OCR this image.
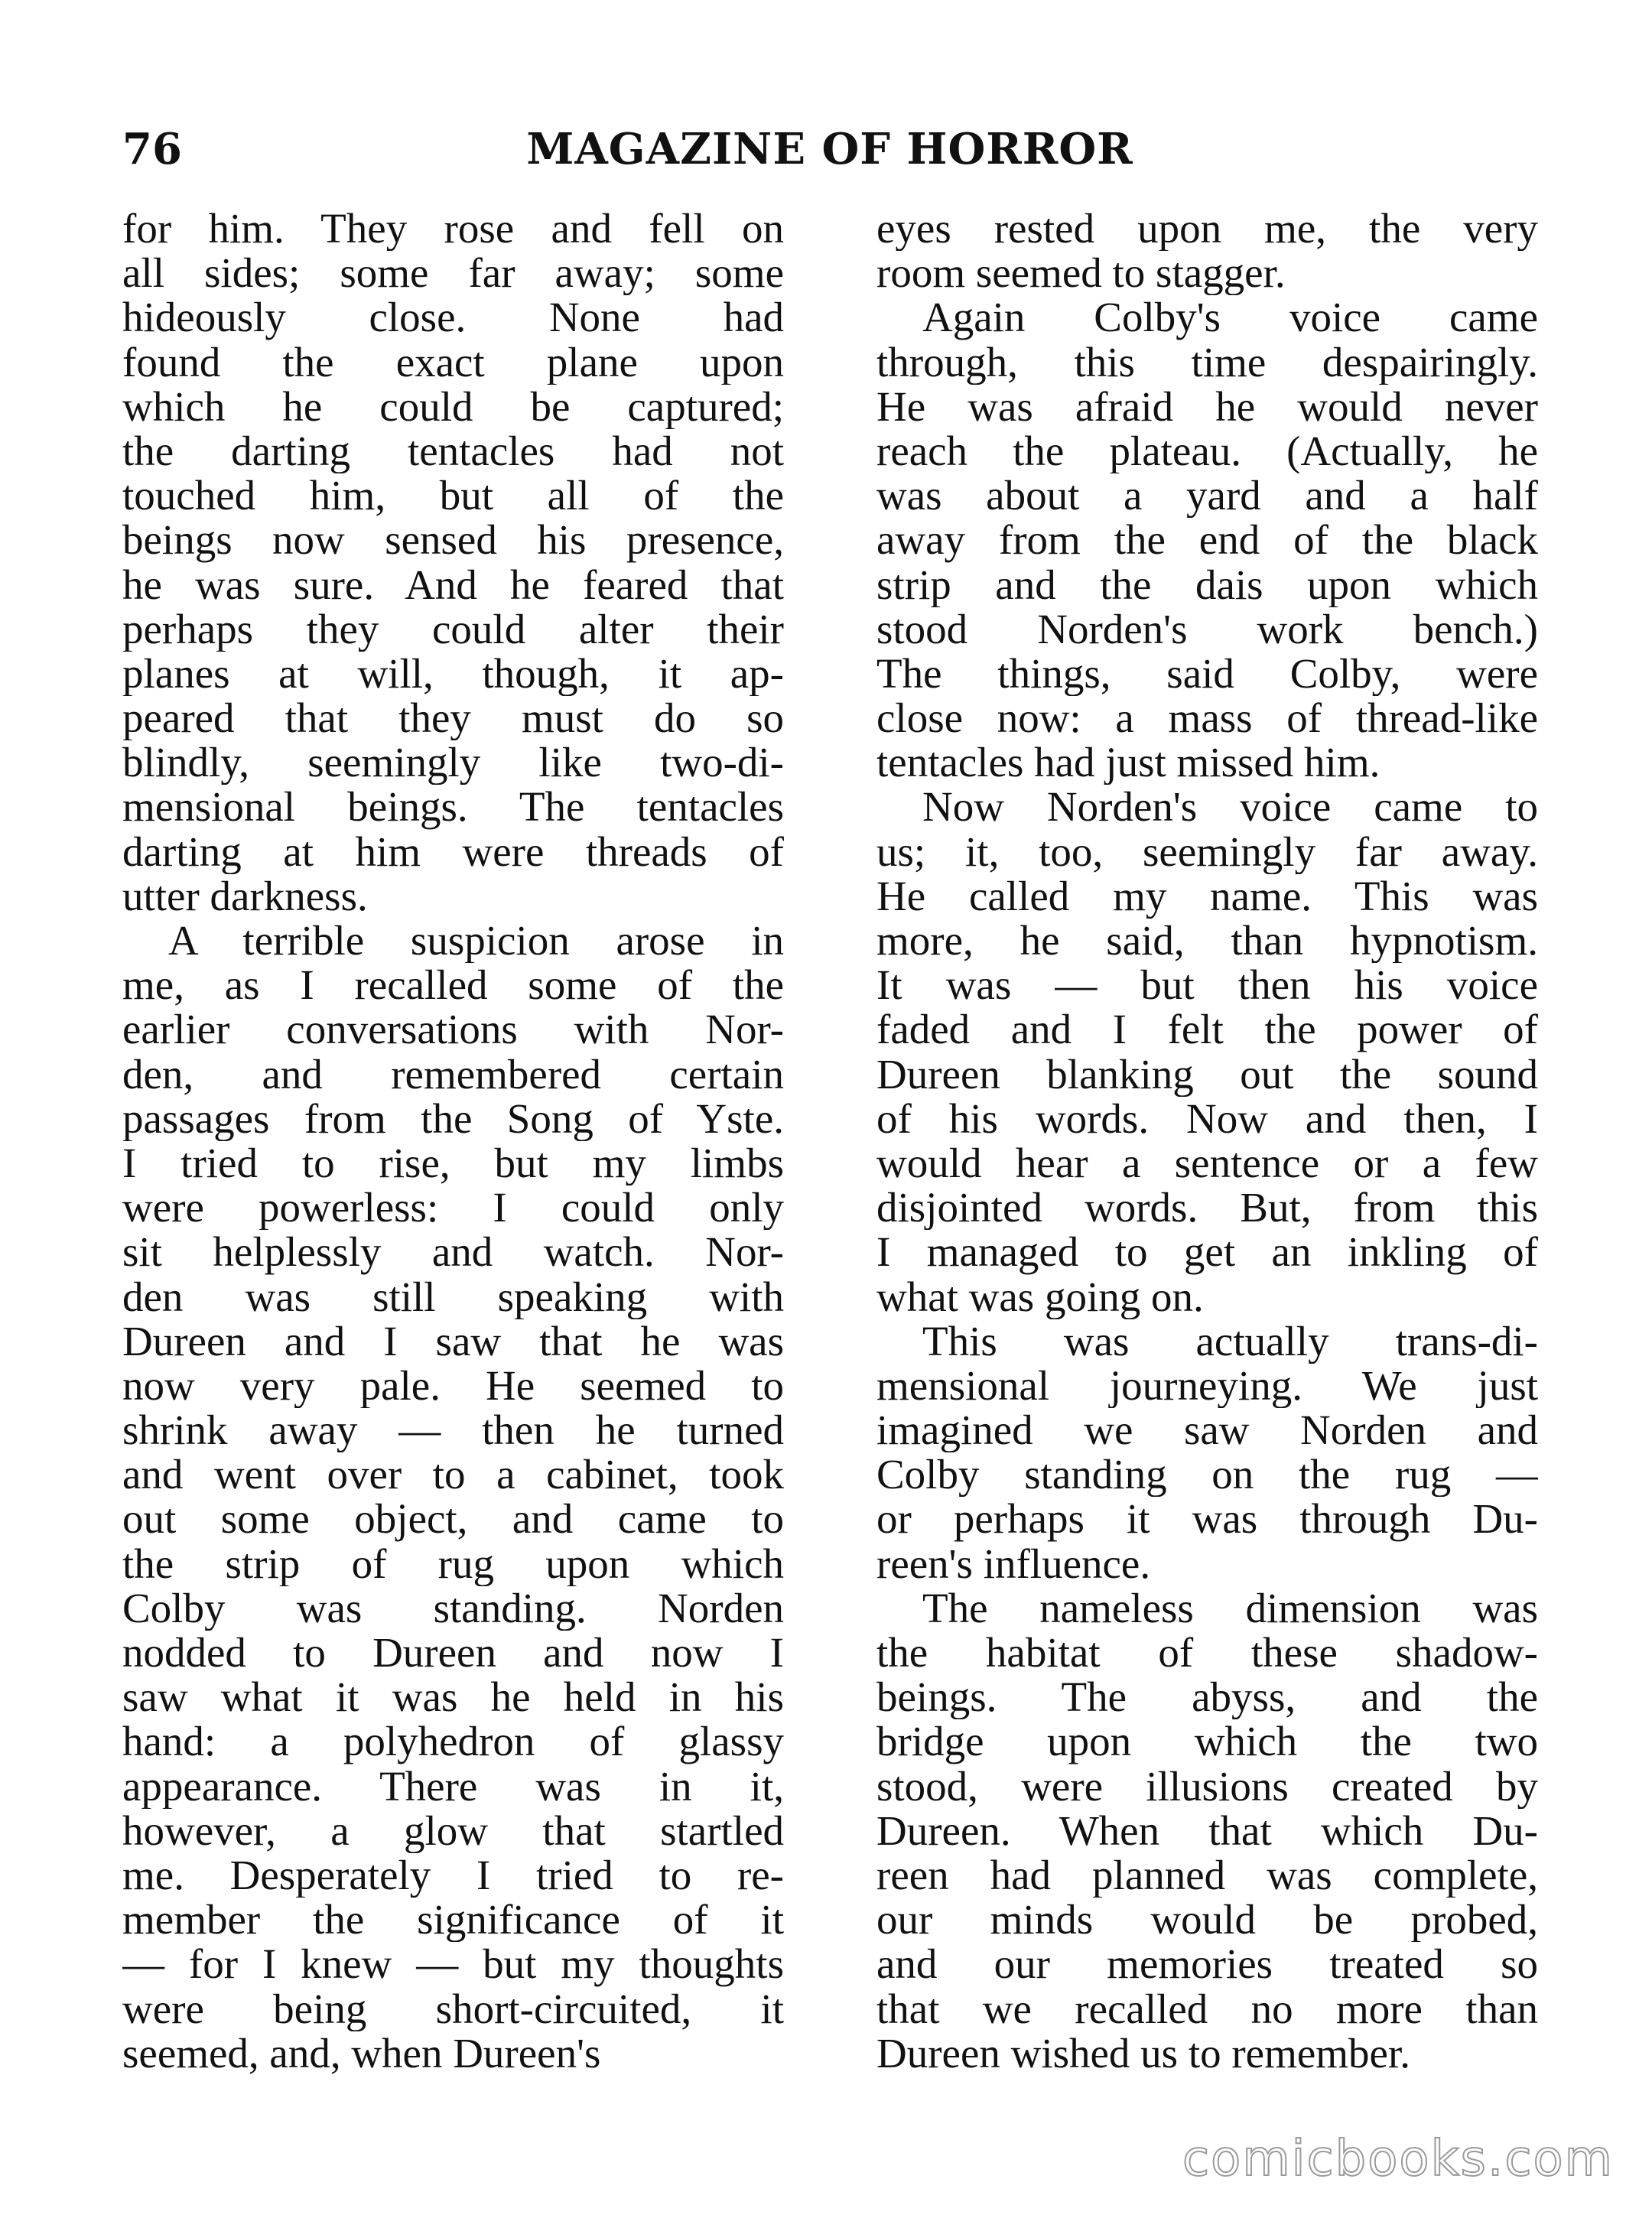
76	MAGAZINE OF HORROR
for him. They rose and fell on
all sides; some far away; some
hideously close. None had
found the exact plane upon
which he could be captured;
the darting tentacles had not
touched him, but all of the
beings now sensed his presence,
he was sure. And he feared that
perhaps they could alter their
planes at will, though, it ap-
peared that they must do so
blindly, seemingly like two-di-
mensional beings. The tentacles
darting at him were threads of
utter darkness.
A terrible suspicion arose in
me, as I recalled some of the
earlier conversations with Nor-
den, and remembered certain
passages from the Song of Yste.
I tried to rise, but my limbs
were powerless: I could only
sit helplessly and watch. Nor-
den was still speaking with
Dureen and I saw that he was
now very pale. He seemed to
shrink away — then he turned
and went over to a cabinet, took
out some object, and came to
the strip of rug upon which
Colby was standing. Norden
nodded to Dureen and now I
saw what it was he held in his
hand: a polyhedron of glassy
appearance. There was in it,
however, a glow that startled
me. Desperately I tried to re-
member the significance of it
— for I knew — but my thoughts
were being short-circuited, it
seemed, and, when Dureen's
eyes rested upon me, the very
room seemed to stagger.
Again Colby's voice came
through, this time despairingly.
He was afraid he would never
reach the plateau. (Actually, he
was about a yard and a half
away from the end of the black
strip and the dais upon which
stood Norden's work bench.)
The things, said Colby, were
close now: a mass of thread-like
tentacles had just missed him.
Now Norden's voice came to
us; it, too, seemingly far away.
He called my name. This was
more, he said, than hypnotism.
It was — but then his voice
faded and I felt the power of
Dureen blanking out the sound
of his words. Now and then, I
would hear a sentence or a few
disjointed words. But, from this
I managed to get an inkling of
what was going on.
This was actually trans-di-
mensional journeying. We just
imagined we saw Norden and
Colby standing on the rug —
or perhaps it was through Du-
reen's influence.
The nameless dimension was
the habitat of these shadow-
beings. The abyss, and the
bridge upon which the two
stood, were illusions created by
Dureen. When that which Du-
reen had planned was complete,
our minds would be probed,
and our memories treated so
that we recalled no more than
Dureen wished us to remember.
comicbooks.com
